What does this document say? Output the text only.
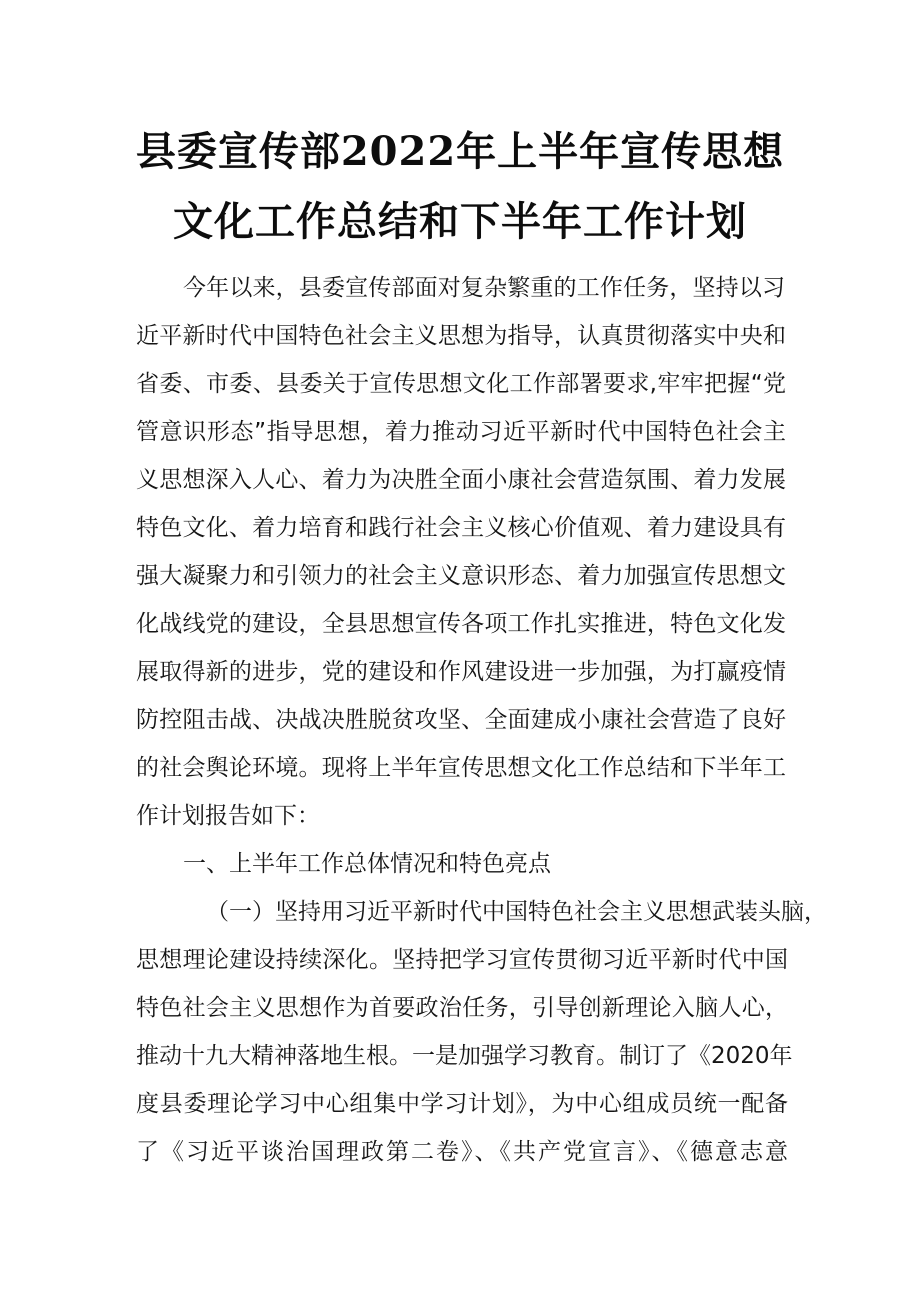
县委宣传部2022年上半年宣传思想
文化工作总结和下半年工作计划
今年以来，县委宣传部面对复杂繁重的工作任务，坚持以习
近平新时代中国特色社会主义思想为指导，认真贯彻落实中央和
省委、市委、县委关于宣传思想文化工作部署要求,牢牢把握“党
管意识形态”指导思想，着力推动习近平新时代中国特色社会主
义思想深入人心、着力为决胜全面小康社会营造氛围、着力发展
特色文化、着力培育和践行社会主义核心价值观、着力建设具有
强大凝聚力和引领力的社会主义意识形态、着力加强宣传思想文
化战线党的建设，全县思想宣传各项工作扎实推进，特色文化发
展取得新的进步，党的建设和作风建设进一步加强，为打赢疫情
防控阻击战、决战决胜脱贫攻坚、全面建成小康社会营造了良好
的社会舆论环境。现将上半年宣传思想文化工作总结和下半年工
作计划报告如下：
一、上半年工作总体情况和特色亮点
（一）坚持用习近平新时代中国特色社会主义思想武装头脑，
思想理论建设持续深化。坚持把学习宣传贯彻习近平新时代中国
特色社会主义思想作为首要政治任务，引导创新理论入脑人心，
推动十九大精神落地生根。一是加强学习教育。制订了《2020年
度县委理论学习中心组集中学习计划》，为中心组成员统一配备
了《习近平谈治国理政第二卷》、《共产党宣言》、《德意志意
